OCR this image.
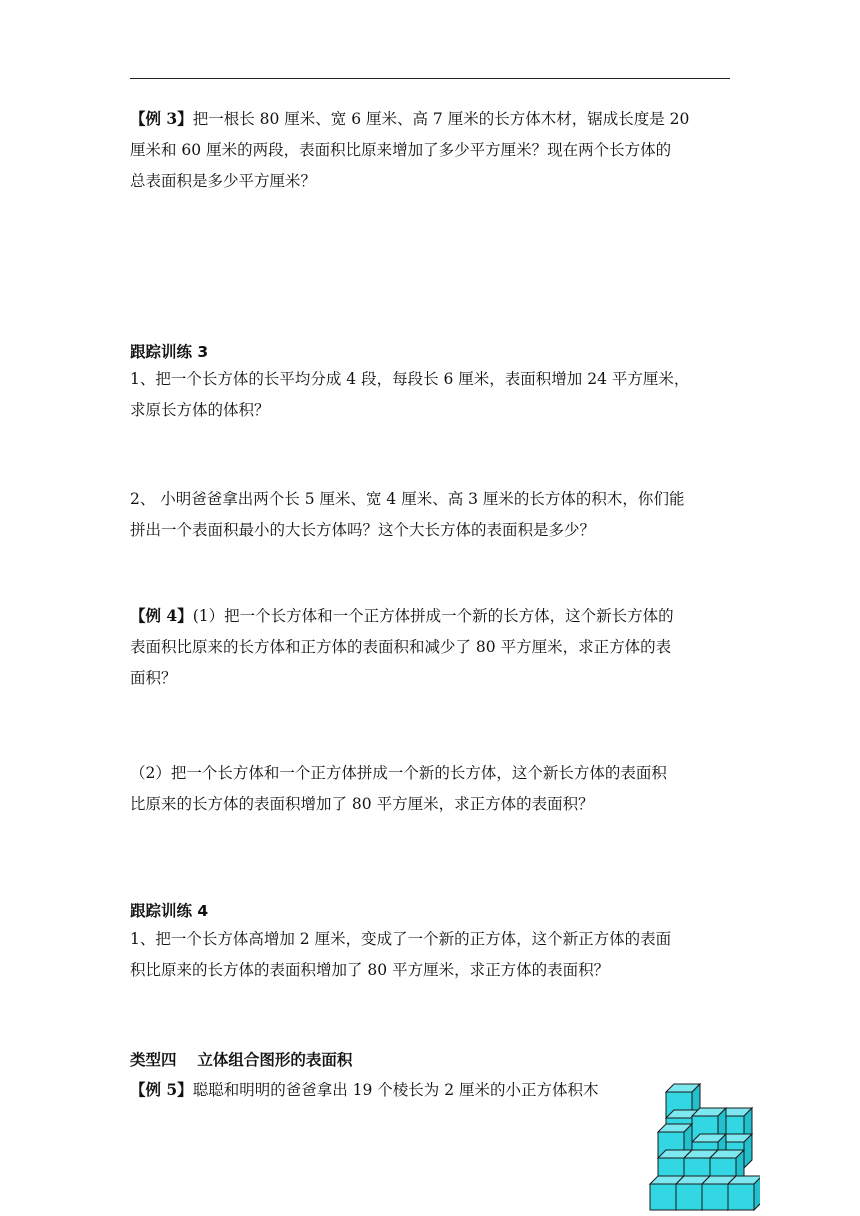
【例 3】把一根长 80 厘米、宽 6 厘米、高 7 厘米的长方体木材，锯成长度是 20
厘米和 60 厘米的两段，表面积比原来增加了多少平方厘米？现在两个长方体的
总表面积是多少平方厘米？
跟踪训练 3
1、把一个长方体的长平均分成 4 段，每段长 6 厘米，表面积增加 24 平方厘米，
求原长方体的体积？
2、 小明爸爸拿出两个长 5 厘米、宽 4 厘米、高 3 厘米的长方体的积木，你们能
拼出一个表面积最小的大长方体吗？这个大长方体的表面积是多少？
【例 4】(1）把一个长方体和一个正方体拼成一个新的长方体，这个新长方体的
表面积比原来的长方体和正方体的表面积和减少了 80 平方厘米，求正方体的表
面积？
（2）把一个长方体和一个正方体拼成一个新的长方体，这个新长方体的表面积
比原来的长方体的表面积增加了 80 平方厘米，求正方体的表面积？
跟踪训练 4
1、把一个长方体高增加 2 厘米，变成了一个新的正方体，这个新正方体的表面
积比原来的长方体的表面积增加了 80 平方厘米，求正方体的表面积？
类型四　 立体组合图形的表面积
【例 5】聪聪和明明的爸爸拿出 19 个棱长为 2 厘米的小正方体积木
